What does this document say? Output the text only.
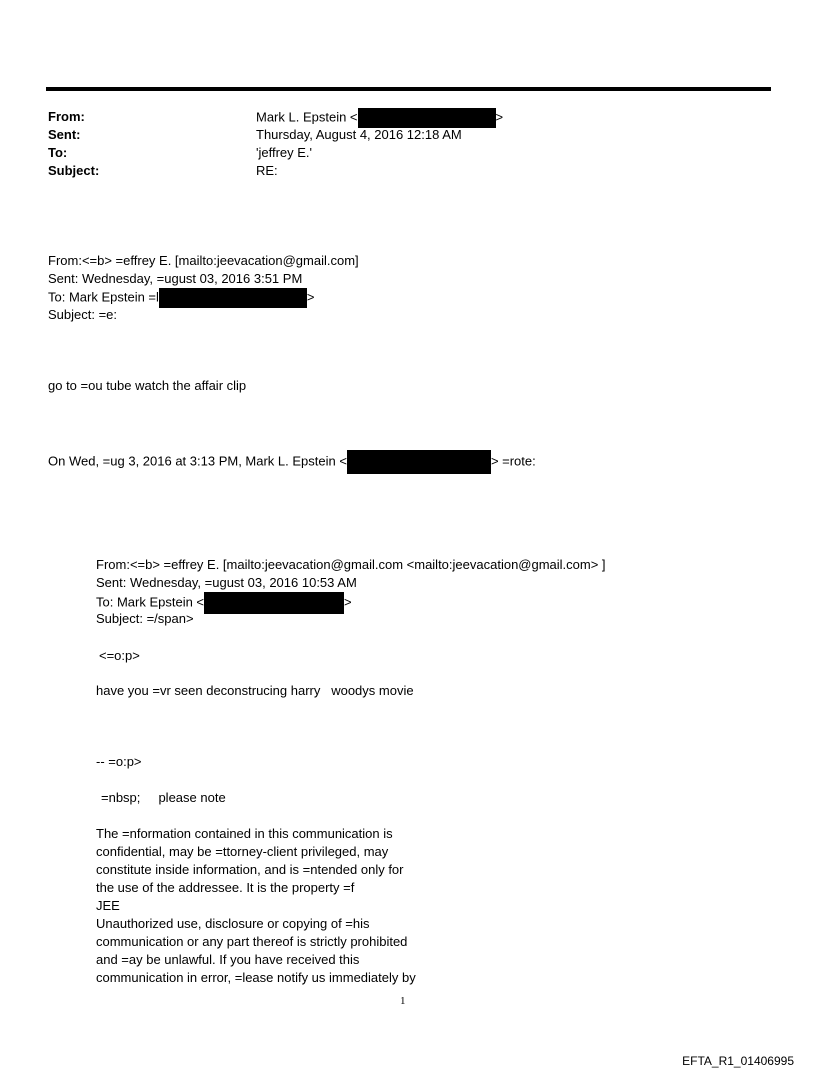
From:	Mark L. Epstein <	>
Sent:	Thursday, August 4, 2016 12:18 AM
To:	'jeffrey E.'
Subject:	RE:
From:<=b> =effrey E. [mailto:jeevacation@gmail.com]
Sent: Wednesday, =ugust 03, 2016 3:51 PM
To: Mark Epstein =l	>
Subject: =e:
go to =ou tube watch the affair clip
On Wed, =ug 3, 2016 at 3:13 PM, Mark L. Epstein <	> =rote:
From:<=b> =effrey E. [mailto:jeevacation@gmail.com <mailto:jeevacation@gmail.com> ]
Sent: Wednesday, =ugust 03, 2016 10:53 AM
To: Mark Epstein <	>
Subject: =/span>
<=o:p>
have you =vr seen deconstrucing harry   woodys movie
-- =o:p>
=nbsp;     please note
The =nformation contained in this communication is
confidential, may be =ttorney-client privileged, may
constitute inside information, and is =ntended only for
the use of the addressee. It is the property =f
JEE
Unauthorized use, disclosure or copying of =his
communication or any part thereof is strictly prohibited
and =ay be unlawful. If you have received this
communication in error, =lease notify us immediately by
1
EFTA_R1_01406995
